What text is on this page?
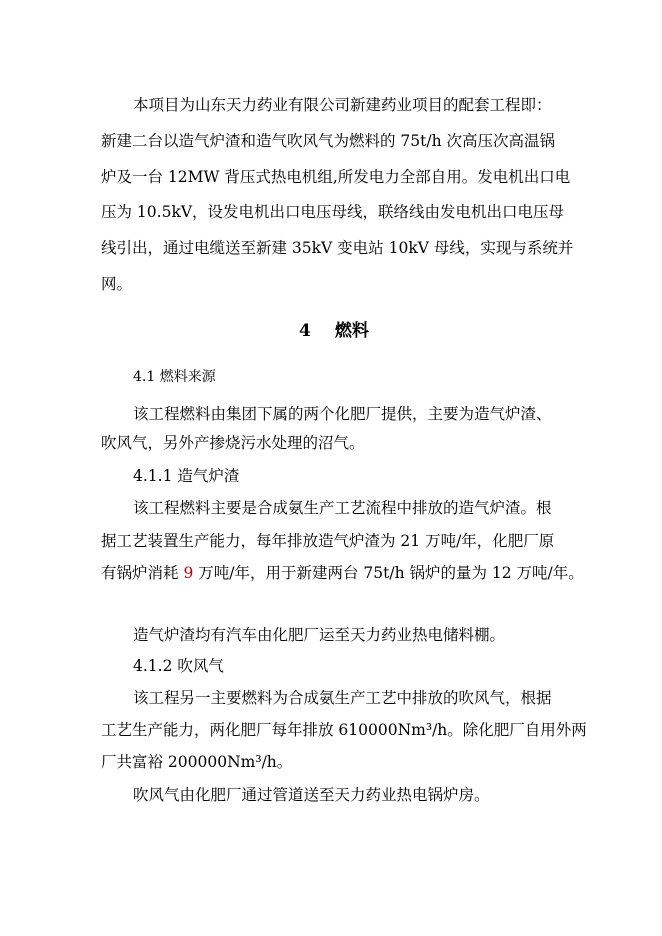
本项目为山东天力药业有限公司新建药业项目的配套工程即：
新建二台以造气炉渣和造气吹风气为燃料的 75t/h 次高压次高温锅
炉及一台 12MW 背压式热电机组,所发电力全部自用。发电机出口电
压为 10.5kV，设发电机出口电压母线，联络线由发电机出口电压母
线引出，通过电缆送至新建 35kV 变电站 10kV 母线，实现与系统并
网。
4 燃料
4.1 燃料来源
该工程燃料由集团下属的两个化肥厂提供，主要为造气炉渣、
吹风气，另外产掺烧污水处理的沼气。
4.1.1 造气炉渣
该工程燃料主要是合成氨生产工艺流程中排放的造气炉渣。根
据工艺装置生产能力，每年排放造气炉渣为 21 万吨/年，化肥厂原
有锅炉消耗 9 万吨/年，用于新建两台 75t/h 锅炉的量为 12 万吨/年。
造气炉渣均有汽车由化肥厂运至天力药业热电储料棚。
4.1.2 吹风气
该工程另一主要燃料为合成氨生产工艺中排放的吹风气，根据
工艺生产能力，两化肥厂每年排放 610000Nm³/h。除化肥厂自用外两
厂共富裕 200000Nm³/h。
吹风气由化肥厂通过管道送至天力药业热电锅炉房。
